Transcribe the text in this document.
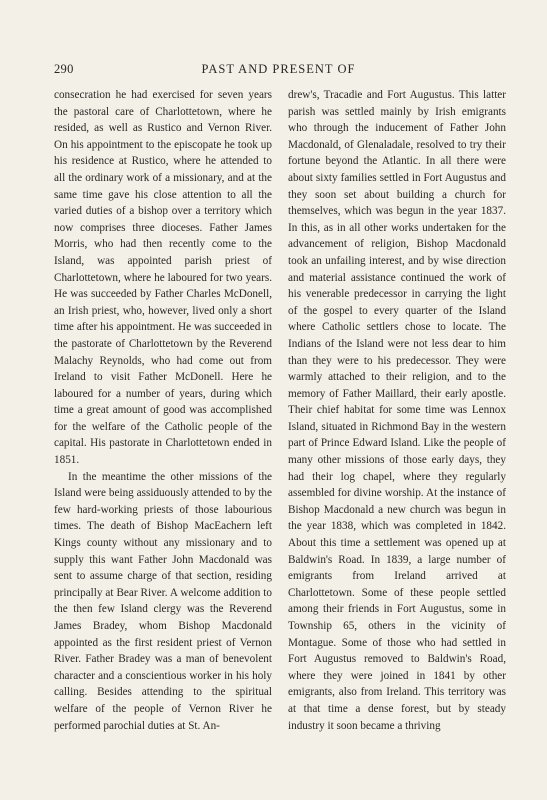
290	PAST AND PRESENT OF

consecration he had exercised for seven years the pastoral care of Charlottetown, where he resided, as well as Rustico and Vernon River. On his appointment to the episcopate he took up his residence at Rustico, where he attended to all the ordinary work of a missionary, and at the same time gave his close attention to all the varied duties of a bishop over a territory which now comprises three dioceses. Father James Morris, who had then recently come to the Island, was appointed parish priest of Charlottetown, where he laboured for two years. He was succeeded by Father Charles McDonell, an Irish priest, who, however, lived only a short time after his appointment. He was succeeded in the pastorate of Charlottetown by the Reverend Malachy Reynolds, who had come out from Ireland to visit Father McDonell. Here he laboured for a number of years, during which time a great amount of good was accomplished for the welfare of the Catholic people of the capital. His pastorate in Charlottetown ended in 1851.

In the meantime the other missions of the Island were being assiduously attended to by the few hard-working priests of those labourious times. The death of Bishop MacEachern left Kings county without any missionary and to supply this want Father John Macdonald was sent to assume charge of that section, residing principally at Bear River. A welcome addition to the then few Island clergy was the Reverend James Bradey, whom Bishop Macdonald appointed as the first resident priest of Vernon River. Father Bradey was a man of benevolent character and a conscientious worker in his holy calling. Besides attending to the spiritual welfare of the people of Vernon River he performed parochial duties at St. An-

drew's, Tracadie and Fort Augustus. This latter parish was settled mainly by Irish emigrants who through the inducement of Father John Macdonald, of Glenaladale, resolved to try their fortune beyond the Atlantic. In all there were about sixty families settled in Fort Augustus and they soon set about building a church for themselves, which was begun in the year 1837. In this, as in all other works undertaken for the advancement of religion, Bishop Macdonald took an unfailing interest, and by wise direction and material assistance continued the work of his venerable predecessor in carrying the light of the gospel to every quarter of the Island where Catholic settlers chose to locate. The Indians of the Island were not less dear to him than they were to his predecessor. They were warmly attached to their religion, and to the memory of Father Maillard, their early apostle. Their chief habitat for some time was Lennox Island, situated in Richmond Bay in the western part of Prince Edward Island. Like the people of many other missions of those early days, they had their log chapel, where they regularly assembled for divine worship. At the instance of Bishop Macdonald a new church was begun in the year 1838, which was completed in 1842. About this time a settlement was opened up at Baldwin's Road. In 1839, a large number of emigrants from Ireland arrived at Charlottetown. Some of these people settled among their friends in Fort Augustus, some in Township 65, others in the vicinity of Montague. Some of those who had settled in Fort Augustus removed to Baldwin's Road, where they were joined in 1841 by other emigrants, also from Ireland. This territory was at that time a dense forest, but by steady industry it soon became a thriving
